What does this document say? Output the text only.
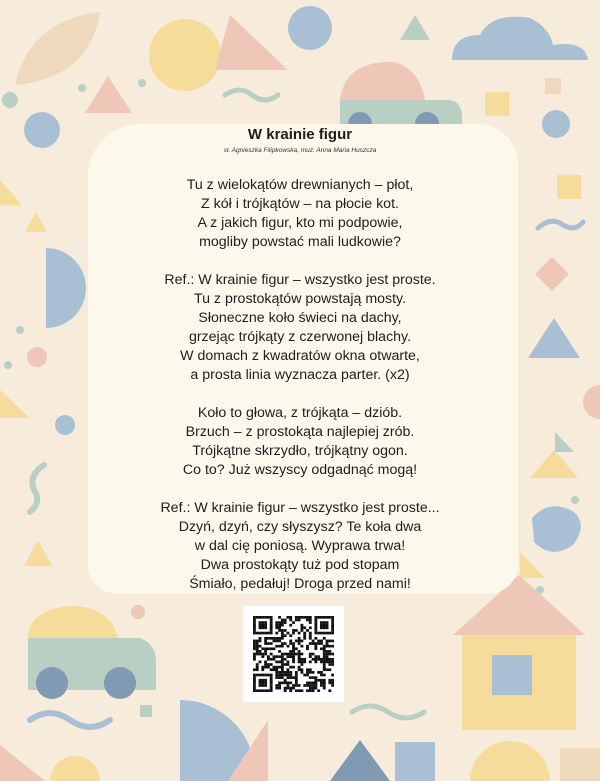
W krainie figur
sł. Agnieszka Filipkowska, muz. Anna Maria Huszcza
Tu z wielokątów drewnianych – płot,
Z kół i trójkątów – na płocie kot.
A z jakich figur, kto mi podpowie,
mogliby powstać mali ludkowie?
Ref.: W krainie figur – wszystko jest proste.
Tu z prostokątów powstają mosty.
Słoneczne koło świeci na dachy,
grzejąc trójkąty z czerwonej blachy.
W domach z kwadratów okna otwarte,
a prosta linia wyznacza parter. (x2)
Koło to głowa, z trójkąta – dziób.
Brzuch – z prostokąta najlepiej zrób.
Trójkątne skrzydło, trójkątny ogon.
Co to? Już wszyscy odgadnąć mogą!
Ref.: W krainie figur – wszystko jest proste...
Dzyń, dzyń, czy słyszysz? Te koła dwa
w dal cię poniosą. Wyprawa trwa!
Dwa prostokąty tuż pod stopam
Śmiało, pedałuj! Droga przed nami!
